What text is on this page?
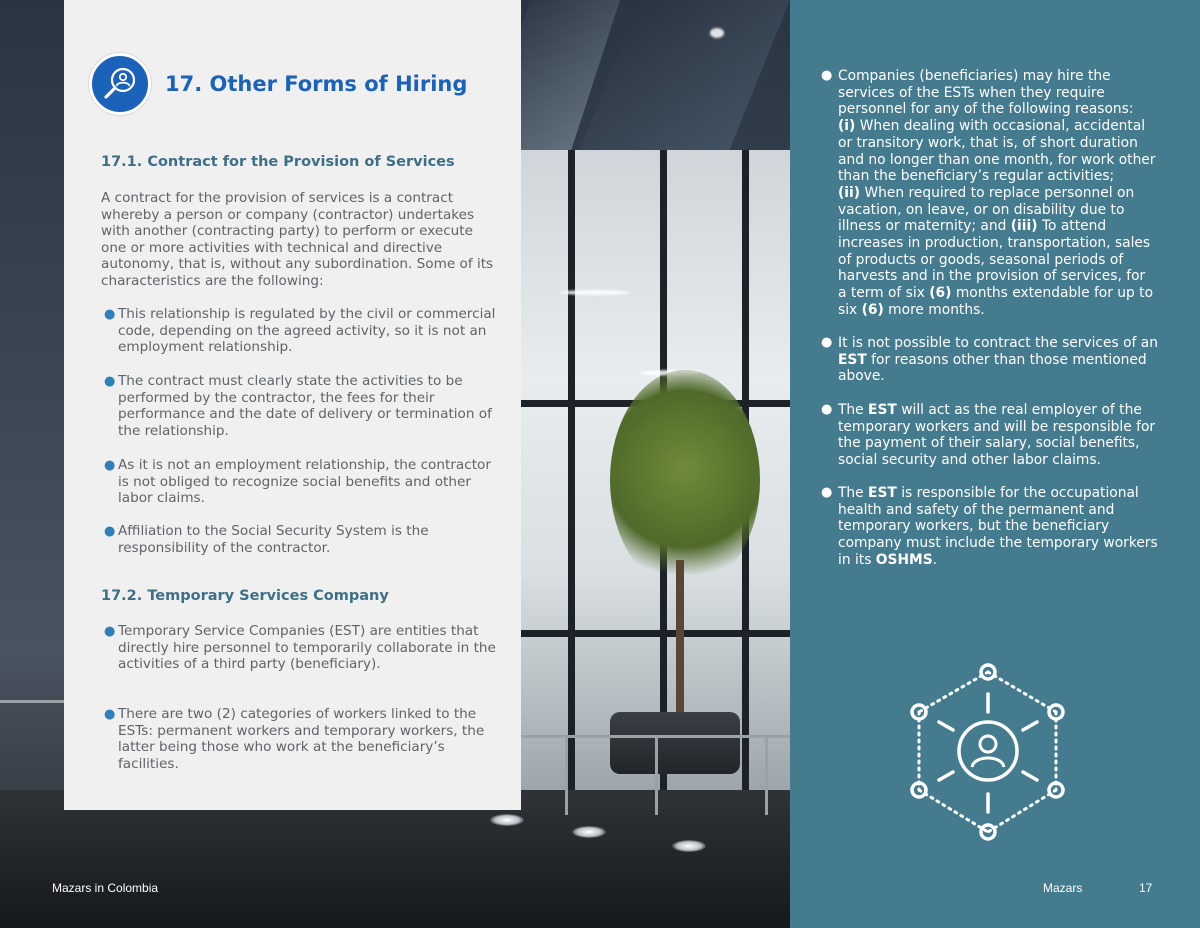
17. Other Forms of Hiring
17.1. Contract for the Provision of Services
A contract for the provision of services is a contract whereby a person or company (contractor) undertakes with another (contracting party) to perform or execute one or more activities with technical and directive autonomy, that is, without any subordination. Some of its characteristics are the following:
● This relationship is regulated by the civil or commercial code, depending on the agreed activity, so it is not an employment relationship.
● The contract must clearly state the activities to be performed by the contractor, the fees for their performance and the date of delivery or termination of the relationship.
● As it is not an employment relationship, the contractor is not obliged to recognize social benefits and other labor claims.
● Affiliation to the Social Security System is the responsibility of the contractor.
17.2. Temporary Services Company
● Temporary Service Companies (EST) are entities that directly hire personnel to temporarily collaborate in the activities of a third party (beneficiary).
● There are two (2) categories of workers linked to the ESTs: permanent workers and temporary workers, the latter being those who work at the beneficiary’s facilities.
● Companies (beneficiaries) may hire the services of the ESTs when they require personnel for any of the following reasons:
(i) When dealing with occasional, accidental or transitory work, that is, of short duration and no longer than one month, for work other than the beneficiary’s regular activities;
(ii) When required to replace personnel on vacation, on leave, or on disability due to illness or maternity; and (iii) To attend increases in production, transportation, sales of products or goods, seasonal periods of harvests and in the provision of services, for a term of six (6) months extendable for up to six (6) more months.
● It is not possible to contract the services of an EST for reasons other than those mentioned above.
● The EST will act as the real employer of the temporary workers and will be responsible for the payment of their salary, social benefits, social security and other labor claims.
● The EST is responsible for the occupational health and safety of the permanent and temporary workers, but the beneficiary company must include the temporary workers in its OSHMS.
Mazars in Colombia	Mazars	17
